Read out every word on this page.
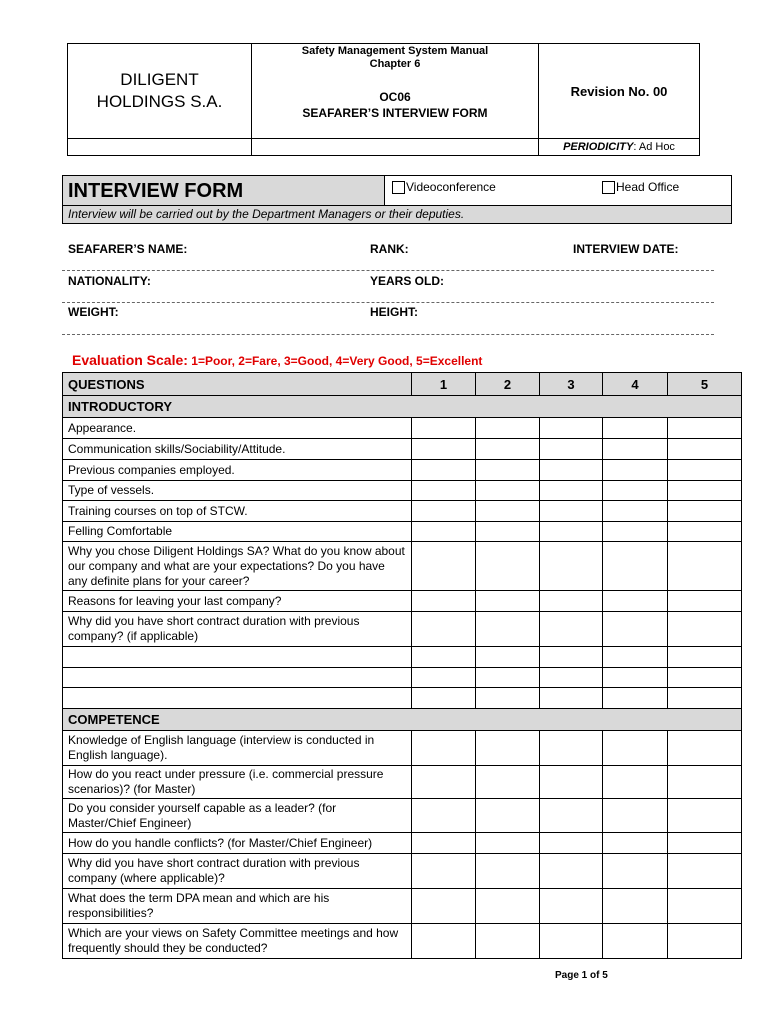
DILIGENT
HOLDINGS S.A.
Safety Management System Manual
Chapter 6
OC06
SEAFARER’S INTERVIEW FORM
Revision No. 00
PERIODICITY: Ad Hoc
INTERVIEW FORM	Videoconference	Head Office
Interview will be carried out by the Department Managers or their deputies.
SEAFARER’S NAME:	RANK:	INTERVIEW DATE:
NATIONALITY:	YEARS OLD:
WEIGHT:	HEIGHT:
Evaluation Scale: 1=Poor, 2=Fare, 3=Good, 4=Very Good, 5=Excellent
QUESTIONS	1	2	3	4	5
INTRODUCTORY					
Appearance.					
Communication skills/Sociability/Attitude.					
Previous companies employed.					
Type of vessels.					
Training courses on top of STCW.					
Felling Comfortable					
Why you chose Diligent Holdings SA? What do you know about our company and what are your expectations? Do you have any definite plans for your career?					
Reasons for leaving your last company?					
Why did you have short contract duration with previous company? (if applicable)					

COMPETENCE					
Knowledge of English language (interview is conducted in English language).					
How do you react under pressure (i.e. commercial pressure scenarios)? (for Master)					
Do you consider yourself capable as a leader? (for Master/Chief Engineer)					
How do you handle conflicts? (for Master/Chief Engineer)					
Why did you have short contract duration with previous company (where applicable)?					
What does the term DPA mean and which are his responsibilities?					
Which are your views on Safety Committee meetings and how frequently should they be conducted?					
Page 1 of 5
